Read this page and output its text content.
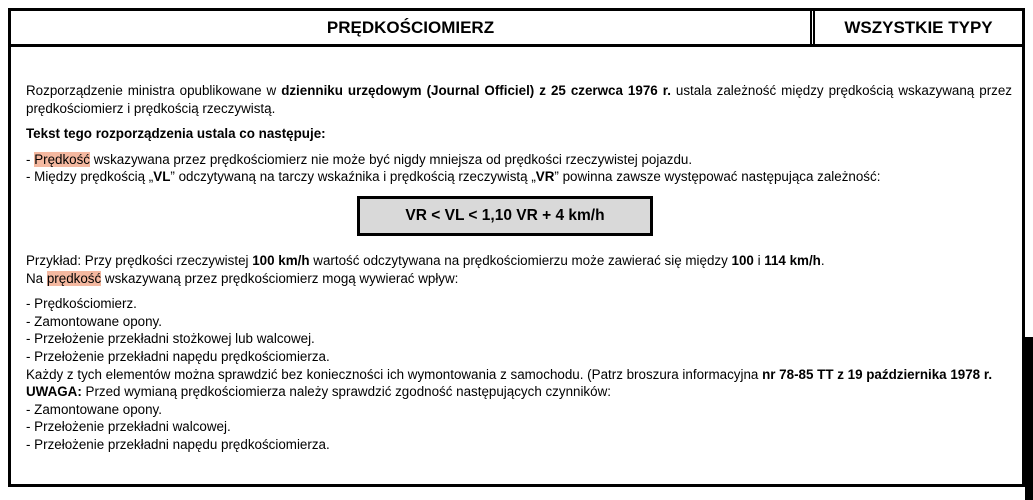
PRĘDKOŚCIOMIERZ	WSZYSTKIE TYPY

Rozporządzenie ministra opublikowane w dzienniku urzędowym (Journal Officiel) z 25 czerwca 1976 r. ustala zależność między prędkością wskazywaną przez prędkościomierz i prędkością rzeczywistą.

Tekst tego rozporządzenia ustala co następuje:

- Prędkość wskazywana przez prędkościomierz nie może być nigdy mniejsza od prędkości rzeczywistej pojazdu.

- Między prędkością „VL” odczytywaną na tarczy wskaźnika i prędkością rzeczywistą „VR” powinna zawsze występować następująca zależność:

VR < VL < 1,10 VR + 4 km/h

Przykład: Przy prędkości rzeczywistej 100 km/h wartość odczytywana na prędkościomierzu może zawierać się między 100 i 114 km/h.

Na prędkość wskazywaną przez prędkościomierz mogą wywierać wpływ:

- Prędkościomierz.

- Zamontowane opony.

- Przełożenie przekładni stożkowej lub walcowej.

- Przełożenie przekładni napędu prędkościomierza.

Każdy z tych elementów można sprawdzić bez konieczności ich wymontowania z samochodu. (Patrz broszura informacyjna nr 78-85 TT z 19 października 1978 r.

UWAGA: Przed wymianą prędkościomierza należy sprawdzić zgodność następujących czynników:

- Zamontowane opony.

- Przełożenie przekładni walcowej.

- Przełożenie przekładni napędu prędkościomierza.
